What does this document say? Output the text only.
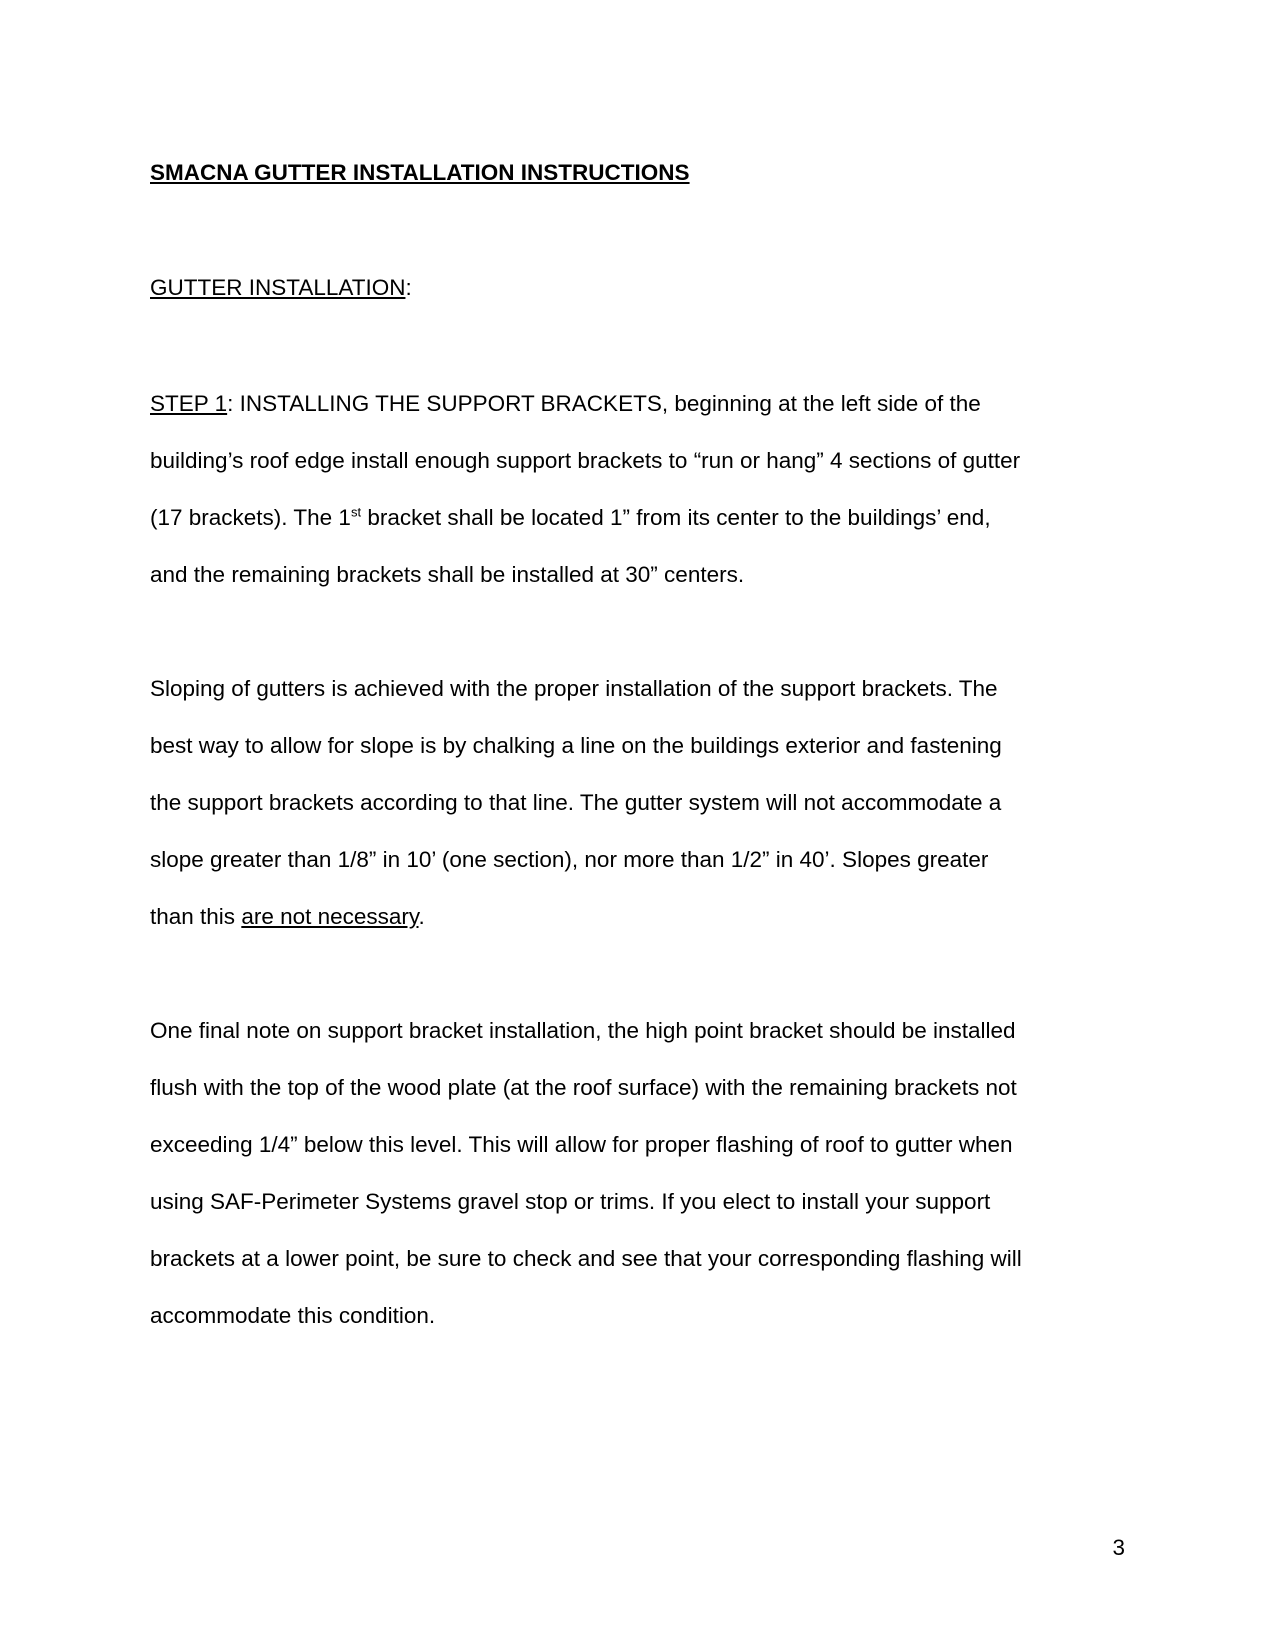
SMACNA GUTTER INSTALLATION INSTRUCTIONS

GUTTER INSTALLATION:

STEP 1: INSTALLING THE SUPPORT BRACKETS, beginning at the left side of the
building’s roof edge install enough support brackets to “run or hang” 4 sections of gutter
(17 brackets). The 1st bracket shall be located 1” from its center to the buildings’ end,
and the remaining brackets shall be installed at 30” centers.
Sloping of gutters is achieved with the proper installation of the support brackets. The
best way to allow for slope is by chalking a line on the buildings exterior and fastening
the support brackets according to that line. The gutter system will not accommodate a
slope greater than 1/8” in 10’ (one section), nor more than 1/2” in 40’. Slopes greater
than this are not necessary.
One final note on support bracket installation, the high point bracket should be installed
flush with the top of the wood plate (at the roof surface) with the remaining brackets not
exceeding 1/4” below this level. This will allow for proper flashing of roof to gutter when
using SAF-Perimeter Systems gravel stop or trims. If you elect to install your support
brackets at a lower point, be sure to check and see that your corresponding flashing will
accommodate this condition.

3
